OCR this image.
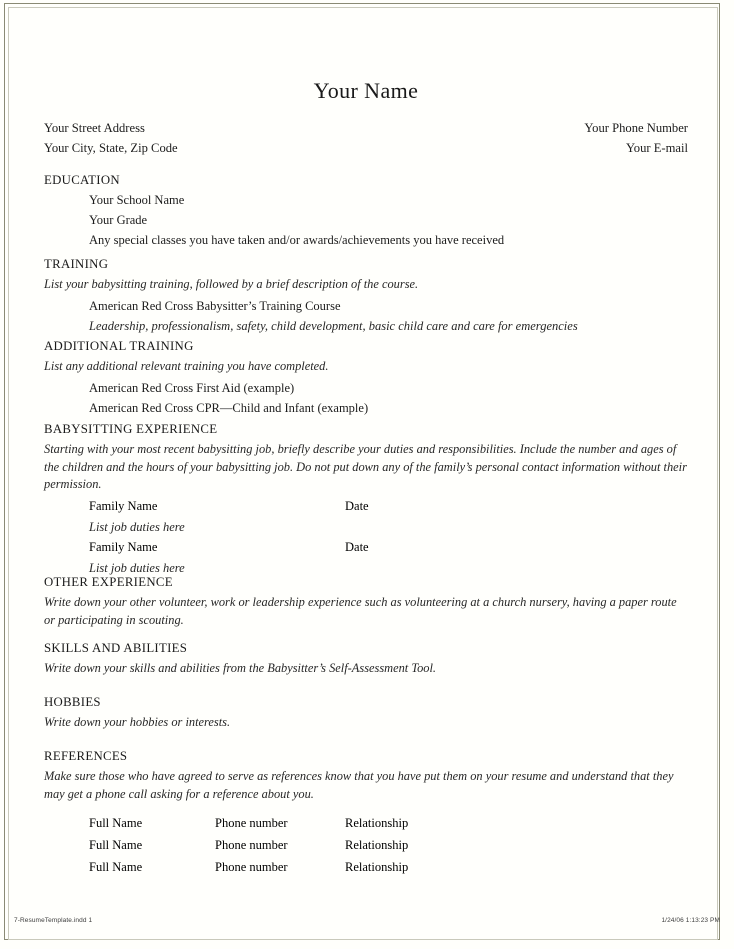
Your Name
Your Street Address	Your Phone Number
Your City, State, Zip Code	Your E-mail
EDUCATION
Your School Name
Your Grade
Any special classes you have taken and/or awards/achievements you have received
TRAINING

List your babysitting training, followed by a brief description of the course.

American Red Cross Babysitter’s Training Course
Leadership, professionalism, safety, child development, basic child care and care for emergencies
ADDITIONAL TRAINING

List any additional relevant training you have completed.

American Red Cross First Aid (example)
American Red Cross CPR—Child and Infant (example)
BABYSITTING EXPERIENCE

Starting with your most recent babysitting job, briefly describe your duties and responsibilities. Include the number and ages of the children and the hours of your babysitting job. Do not put down any of the family’s personal contact information without their permission.

Family Name	Date
List job duties here
Family Name	Date
List job duties here
OTHER EXPERIENCE

Write down your other volunteer, work or leadership experience such as volunteering at a church nursery, having a paper route or participating in scouting.

SKILLS AND ABILITIES

Write down your skills and abilities from the Babysitter’s Self-Assessment Tool.

HOBBIES

Write down your hobbies or interests.

REFERENCES

Make sure those who have agreed to serve as references know that you have put them on your resume and understand that they may get a phone call asking for a reference about you.

Full Name	Phone number	Relationship
Full Name	Phone number	Relationship
Full Name	Phone number	Relationship
7-ResumeTemplate.indd 1	1/24/06 1:13:23 PM
